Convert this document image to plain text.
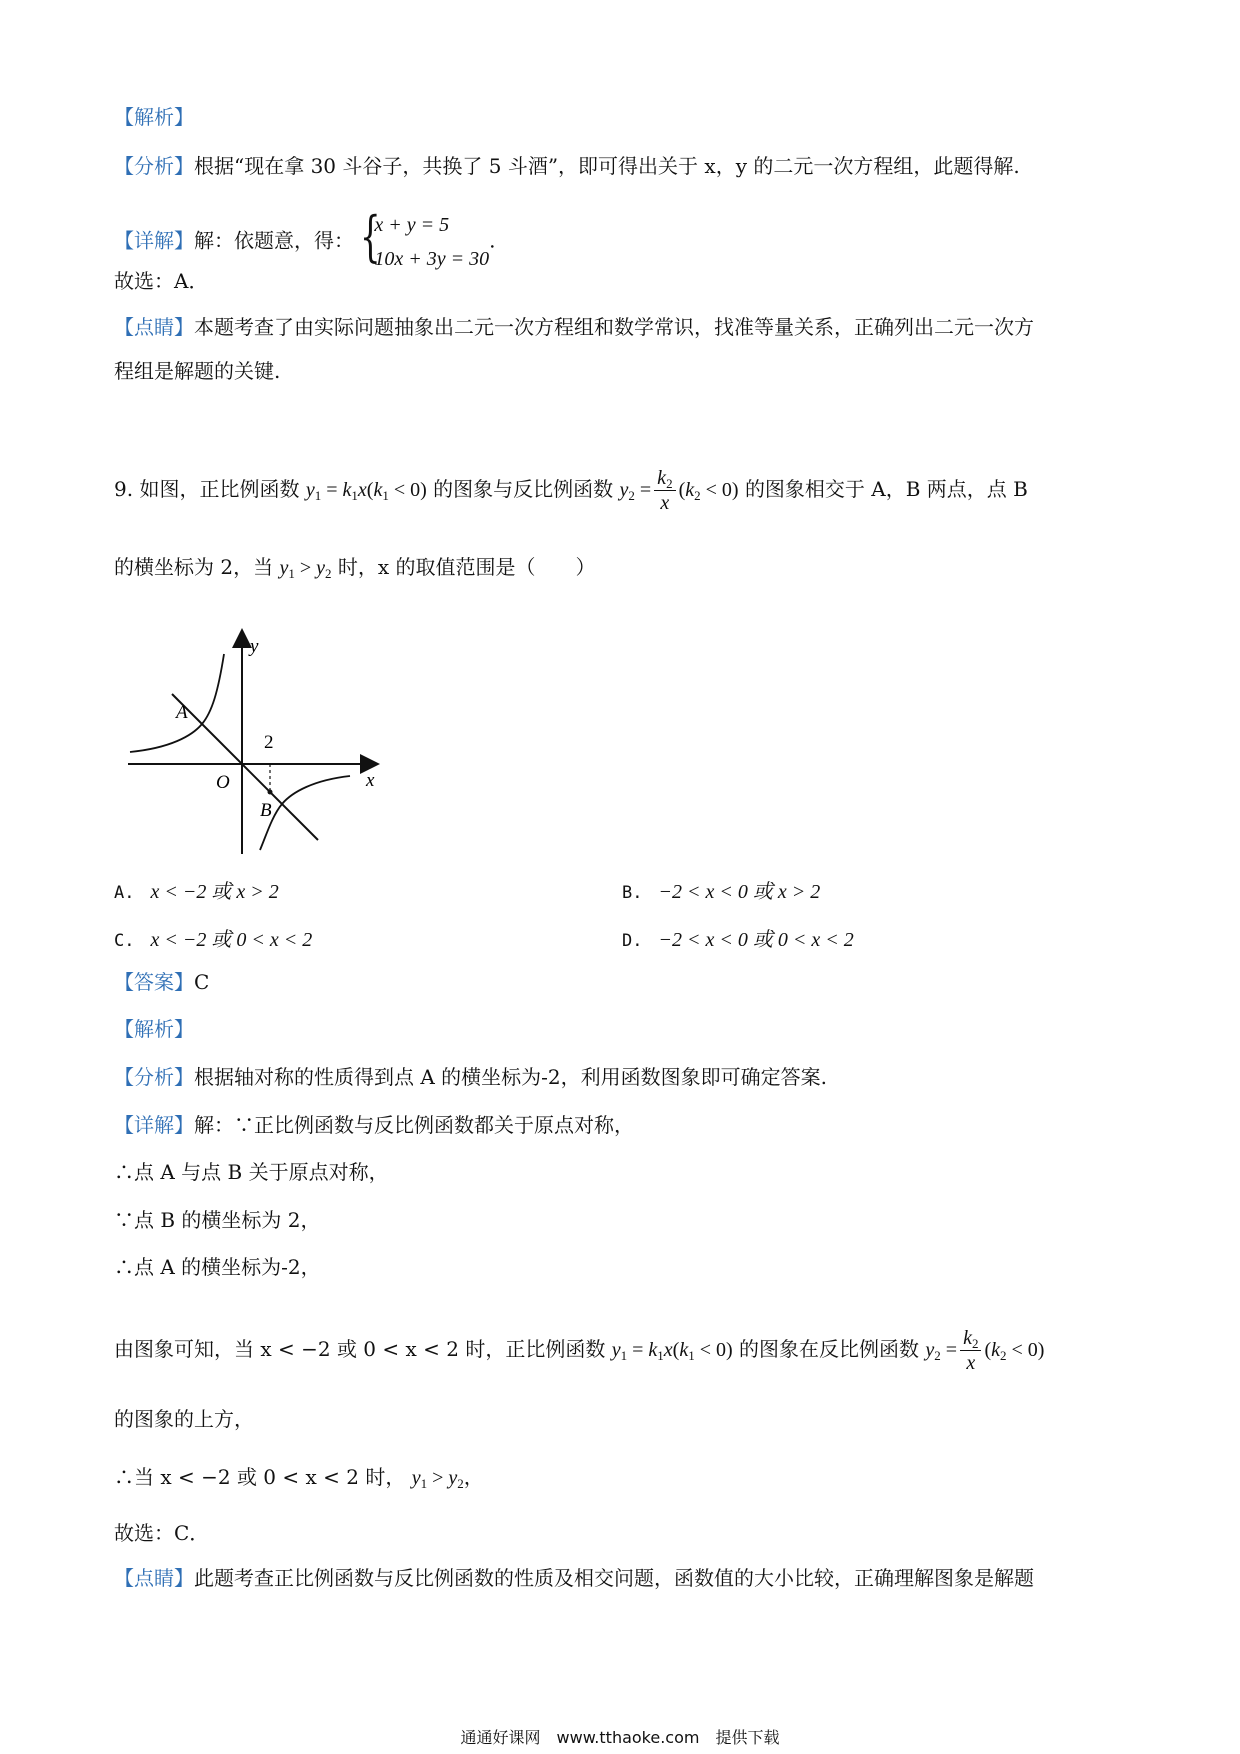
【解析】
【分析】根据“现在拿 30 斗谷子，共换了 5 斗酒”，即可得出关于 x，y 的二元一次方程组，此题得解.
【详解】解：依题意，得： {
x + y = 5
10x + 3y = 30
.
故选：A．
【点睛】本题考查了由实际问题抽象出二元一次方程组和数学常识，找准等量关系，正确列出二元一次方
程组是解题的关键.
9. 如图，正比例函数 $y_1 = k_1x(k_1 < 0)$ 的图象与反比例函数 $y_2 = \frac{k_2}{x} (k_2 < 0)$ 的图象相交于 A，B 两点，点 B
的横坐标为 2，当 $y_1 > y_2$ 时，x 的取值范围是（　　）
y
x
O
A
B
2
A. x < −2 或 x > 2	B. −2 < x < 0 或 x > 2
C. x < −2 或 0 < x < 2	D. −2 < x < 0 或 0 < x < 2
【答案】C
【解析】
【分析】根据轴对称的性质得到点 A 的横坐标为-2，利用函数图象即可确定答案.
【详解】解：∵正比例函数与反比例函数都关于原点对称，
∴点 A 与点 B 关于原点对称，
∵点 B 的横坐标为 2，
∴点 A 的横坐标为-2，
由图象可知，当 x < −2 或 0 < x < 2 时，正比例函数 $y_1 = k_1x(k_1 < 0)$ 的图象在反比例函数 $y_2 = \frac{k_2}{x} (k_2 < 0)$
的图象的上方，
∴当 x < −2 或 0 < x < 2 时， $y_1 > y_2$，
故选：C．
【点睛】此题考查正比例函数与反比例函数的性质及相交问题，函数值的大小比较，正确理解图象是解题
通通好课网　www.tthaoke.com　提供下载
